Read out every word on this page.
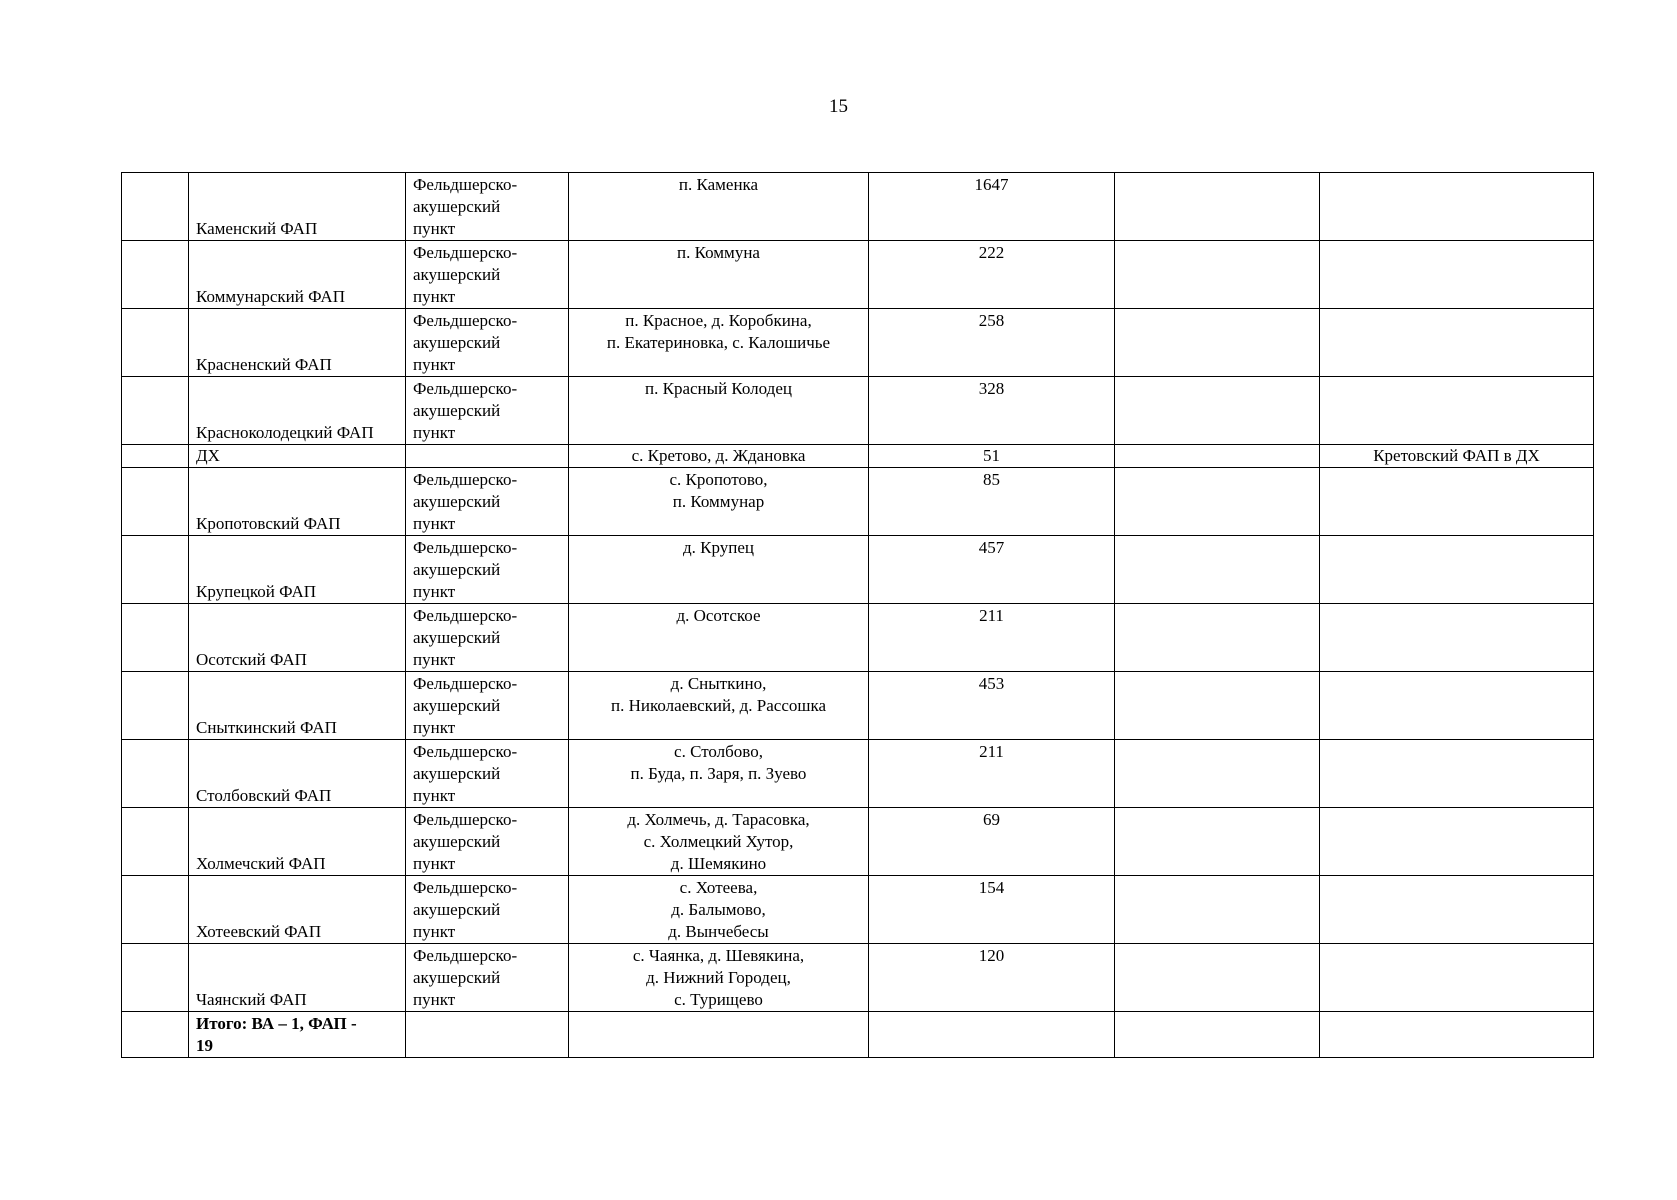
15
	Каменский ФАП	Фельдшерско-
акушерский
пункт	п. Каменка	1647		
	Коммунарский ФАП	Фельдшерско-
акушерский
пункт	п. Коммуна	222		
	Красненский ФАП	Фельдшерско-
акушерский
пункт	п. Красное, д. Коробкина,
п. Екатериновка, с. Калошичье	258		
	Красноколодецкий ФАП	Фельдшерско-
акушерский
пункт	п. Красный Колодец	328		
	ДХ		с. Кретово, д. Ждановка	51		Кретовский ФАП в ДХ
	Кропотовский ФАП	Фельдшерско-
акушерский
пункт	с. Кропотово,
п. Коммунар	85		
	Крупецкой ФАП	Фельдшерско-
акушерский
пункт	д. Крупец	457		
	Осотский ФАП	Фельдшерско-
акушерский
пункт	д. Осотское	211		
	Сныткинский ФАП	Фельдшерско-
акушерский
пункт	д. Сныткино,
п. Николаевский, д. Рассошка	453		
	Столбовский ФАП	Фельдшерско-
акушерский
пункт	с. Столбово,
п. Буда, п. Заря, п. Зуево	211		
	Холмечский ФАП	Фельдшерско-
акушерский
пункт	д. Холмечь, д. Тарасовка,
с. Холмецкий Хутор,
д. Шемякино	69		
	Хотеевский ФАП	Фельдшерско-
акушерский
пункт	с. Хотеева,
д. Балымово,
д. Вынчебесы	154		
	Чаянский ФАП	Фельдшерско-
акушерский
пункт	с. Чаянка, д. Шевякина,
д. Нижний Городец,
с. Турищево	120		

	Итого: ВА – 1, ФАП -
19					
